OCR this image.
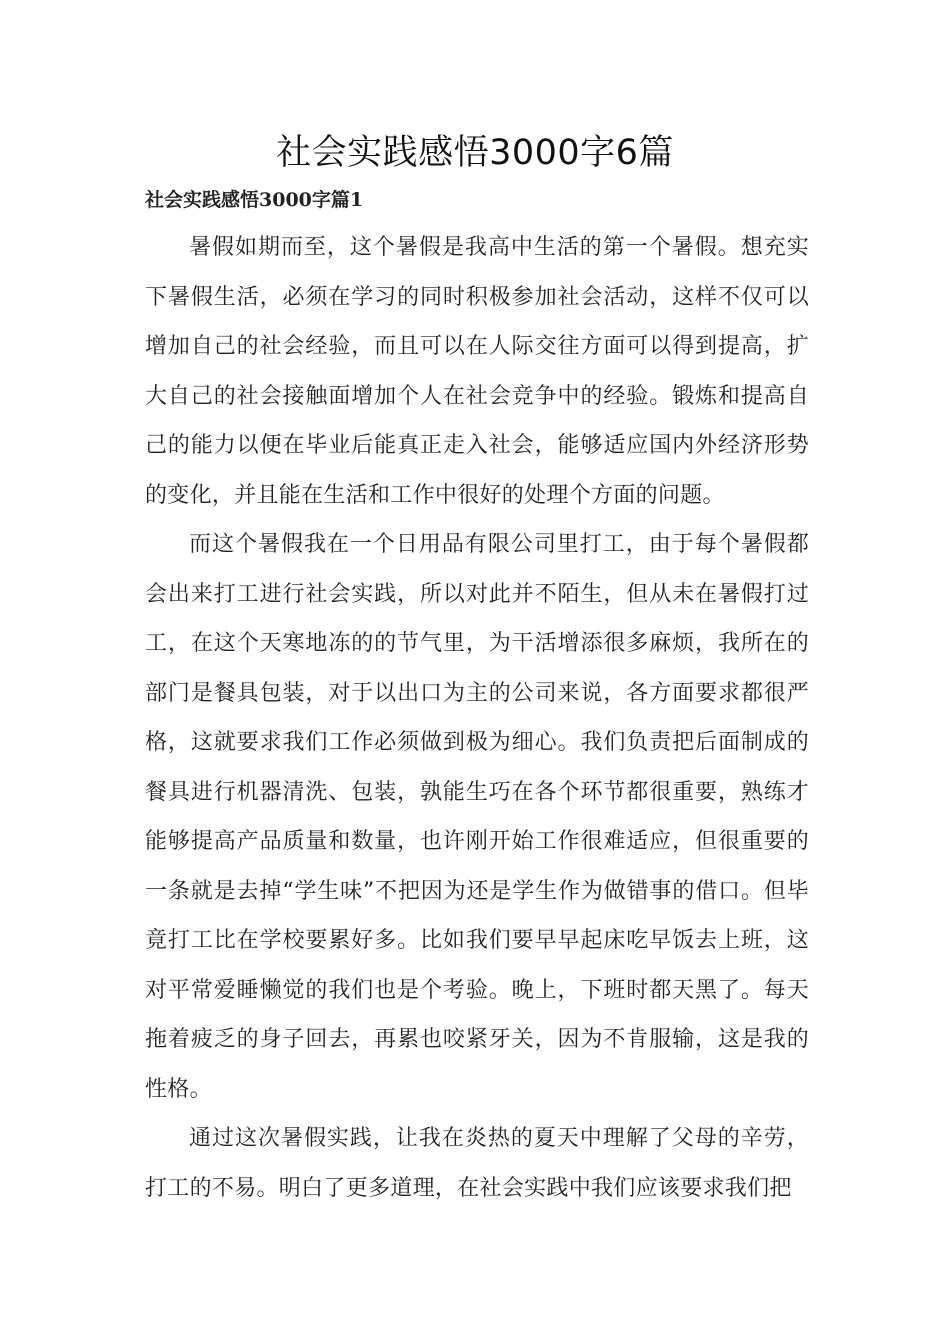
社会实践感悟3000字6篇
社会实践感悟3000字篇1

暑假如期而至，这个暑假是我高中生活的第一个暑假。想充实下暑假生活，必须在学习的同时积极参加社会活动，这样不仅可以增加自己的社会经验，而且可以在人际交往方面可以得到提高，扩大自己的社会接触面增加个人在社会竞争中的经验。锻炼和提高自己的能力以便在毕业后能真正走入社会，能够适应国内外经济形势的变化，并且能在生活和工作中很好的处理个方面的问题。

而这个暑假我在一个日用品有限公司里打工，由于每个暑假都会出来打工进行社会实践，所以对此并不陌生，但从未在暑假打过工，在这个天寒地冻的的节气里，为干活增添很多麻烦，我所在的部门是餐具包装，对于以出口为主的公司来说，各方面要求都很严格，这就要求我们工作必须做到极为细心。我们负责把后面制成的餐具进行机器清洗、包装，孰能生巧在各个环节都很重要，熟练才能够提高产品质量和数量，也许刚开始工作很难适应，但很重要的一条就是去掉“学生味”不把因为还是学生作为做错事的借口。但毕竟打工比在学校要累好多。比如我们要早早起床吃早饭去上班，这对平常爱睡懒觉的我们也是个考验。晚上，下班时都天黑了。每天拖着疲乏的身子回去，再累也咬紧牙关，因为不肯服输，这是我的性格。

通过这次暑假实践，让我在炎热的夏天中理解了父母的辛劳，打工的不易。明白了更多道理，在社会实践中我们应该要求我们把
